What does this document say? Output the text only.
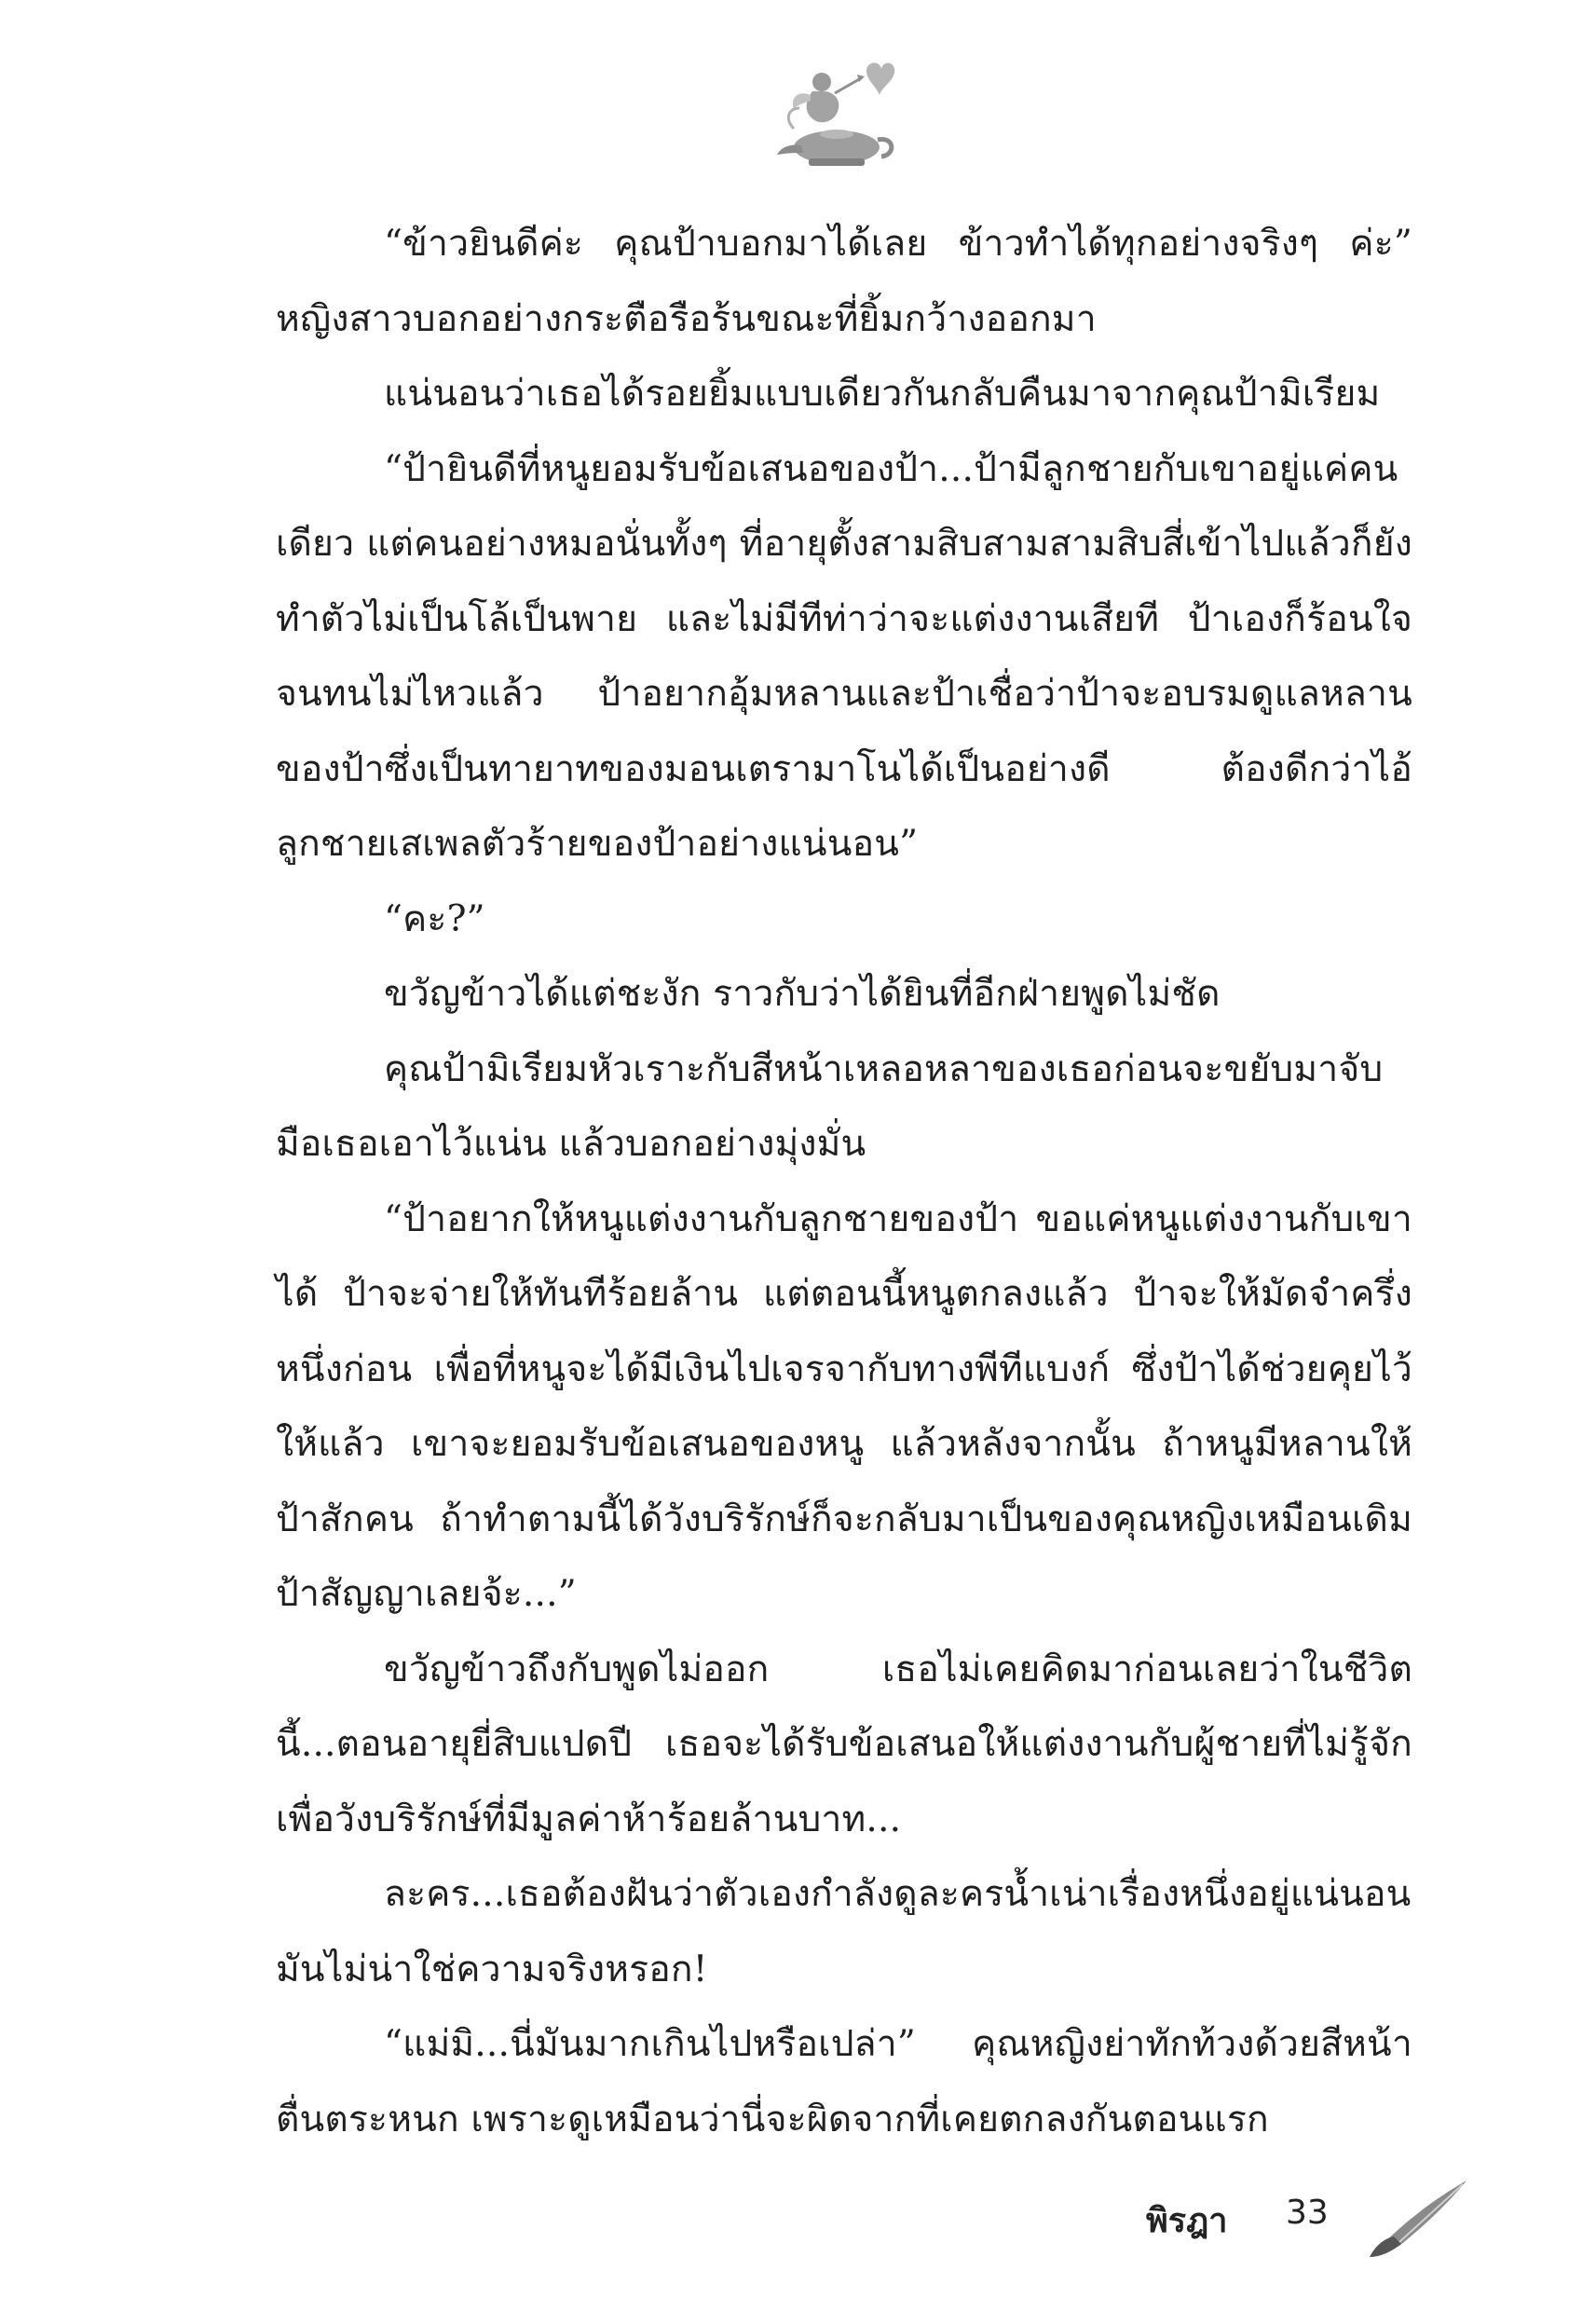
“ข้าวยินดีค่ะ คุณป้าบอกมาได้เลย ข้าวทำได้ทุกอย่างจริงๆ ค่ะ” หญิงสาวบอกอย่างกระตือรือร้นขณะที่ยิ้มกว้างออกมา

แน่นอนว่าเธอได้รอยยิ้มแบบเดียวกันกลับคืนมาจากคุณป้ามิเรียม

“ป้ายินดีที่หนูยอมรับข้อเสนอของป้า...ป้ามีลูกชายกับเขาอยู่แค่คนเดียว แต่คนอย่างหมอนั่นทั้งๆ ที่อายุตั้งสามสิบสามสามสิบสี่เข้าไปแล้วก็ยังทำตัวไม่เป็นโล้เป็นพาย และไม่มีทีท่าว่าจะแต่งงานเสียที ป้าเองก็ร้อนใจจนทนไม่ไหวแล้ว ป้าอยากอุ้มหลานและป้าเชื่อว่าป้าจะอบรมดูแลหลานของป้าซึ่งเป็นทายาทของมอนเตรามาโนได้เป็นอย่างดี ต้องดีกว่าไอ้ลูกชายเสเพลตัวร้ายของป้าอย่างแน่นอน”

“คะ?”

ขวัญข้าวได้แต่ชะงัก ราวกับว่าได้ยินที่อีกฝ่ายพูดไม่ชัด

คุณป้ามิเรียมหัวเราะกับสีหน้าเหลอหลาของเธอก่อนจะขยับมาจับมือเธอเอาไว้แน่น แล้วบอกอย่างมุ่งมั่น

“ป้าอยากให้หนูแต่งงานกับลูกชายของป้า ขอแค่หนูแต่งงานกับเขาได้ ป้าจะจ่ายให้ทันทีร้อยล้าน แต่ตอนนี้หนูตกลงแล้ว ป้าจะให้มัดจำครึ่งหนึ่งก่อน เพื่อที่หนูจะได้มีเงินไปเจรจากับทางพีทีแบงก์ ซึ่งป้าได้ช่วยคุยไว้ให้แล้ว เขาจะยอมรับข้อเสนอของหนู แล้วหลังจากนั้น ถ้าหนูมีหลานให้ป้าสักคน ถ้าทำตามนี้ได้วังบริรักษ์ก็จะกลับมาเป็นของคุณหญิงเหมือนเดิม ป้าสัญญาเลยจ้ะ...”

ขวัญข้าวถึงกับพูดไม่ออก เธอไม่เคยคิดมาก่อนเลยว่าในชีวิตนี้...ตอนอายุยี่สิบแปดปี เธอจะได้รับข้อเสนอให้แต่งงานกับผู้ชายที่ไม่รู้จัก เพื่อวังบริรักษ์ที่มีมูลค่าห้าร้อยล้านบาท...

ละคร...เธอต้องฝันว่าตัวเองกำลังดูละครน้ำเน่าเรื่องหนึ่งอยู่แน่นอน มันไม่น่าใช่ความจริงหรอก!

“แม่มิ...นี่มันมากเกินไปหรือเปล่า” คุณหญิงย่าทักท้วงด้วยสีหน้าตื่นตระหนก เพราะดูเหมือนว่านี่จะผิดจากที่เคยตกลงกันตอนแรก

พิรฎา 33
